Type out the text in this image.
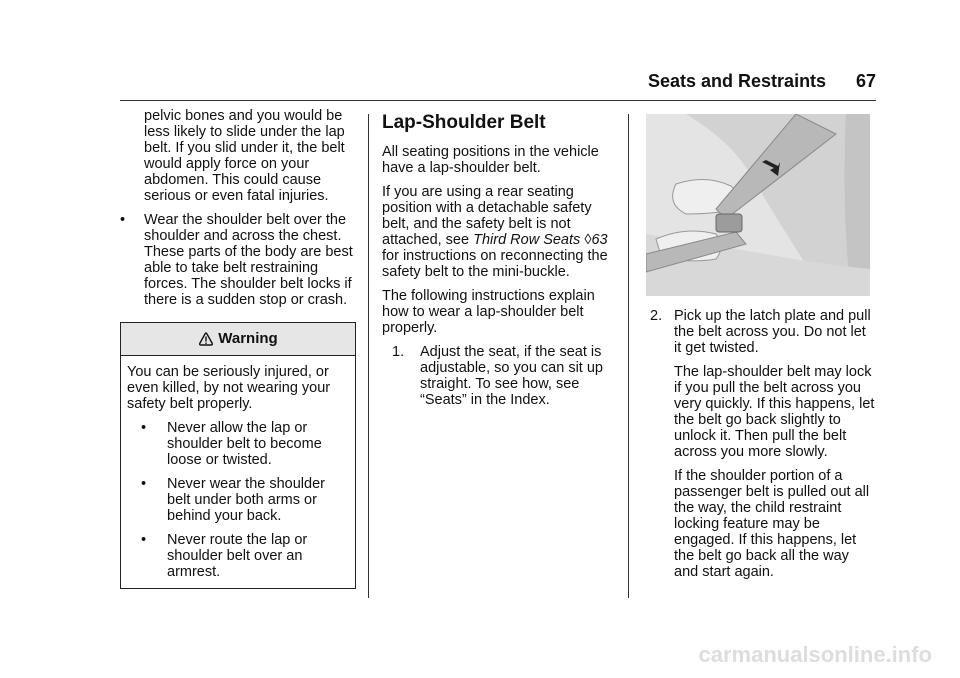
Seats and Restraints 67

pelvic bones and you would be less likely to slide under the lap belt. If you slid under it, the belt would apply force on your abdomen. This could cause serious or even fatal injuries.

• Wear the shoulder belt over the shoulder and across the chest. These parts of the body are best able to take belt restraining forces. The shoulder belt locks if there is a sudden stop or crash.
Warning

You can be seriously injured, or even killed, by not wearing your safety belt properly.

• Never allow the lap or shoulder belt to become loose or twisted.
• Never wear the shoulder belt under both arms or behind your back.
• Never route the lap or shoulder belt over an armrest.
Lap-Shoulder Belt

All seating positions in the vehicle have a lap-shoulder belt.

If you are using a rear seating position with a detachable safety belt, and the safety belt is not attached, see Third Row Seats ◊63 for instructions on reconnecting the safety belt to the mini-buckle.

The following instructions explain how to wear a lap-shoulder belt properly.

1. Adjust the seat, if the seat is adjustable, so you can sit up straight. To see how, see “Seats” in the Index.
2. Pick up the latch plate and pull the belt across you. Do not let it get twisted.

The lap-shoulder belt may lock if you pull the belt across you very quickly. If this happens, let the belt go back slightly to unlock it. Then pull the belt across you more slowly.

If the shoulder portion of a passenger belt is pulled out all the way, the child restraint locking feature may be engaged. If this happens, let the belt go back all the way and start again.

carmanualsonline.info
